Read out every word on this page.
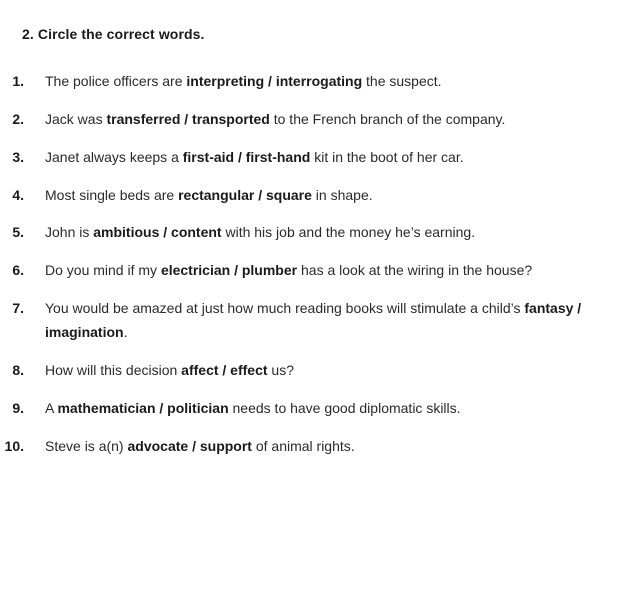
2. Circle the correct words.
1. The police officers are interpreting / interrogating the suspect.
2. Jack was transferred / transported to the French branch of the company.
3. Janet always keeps a first-aid / first-hand kit in the boot of her car.
4. Most single beds are rectangular / square in shape.
5. John is ambitious / content with his job and the money he’s earning.
6. Do you mind if my electrician / plumber has a look at the wiring in the house?
7. You would be amazed at just how much reading books will stimulate a child’s fantasy / imagination.
8. How will this decision affect / effect us?
9. A mathematician / politician needs to have good diplomatic skills.
10. Steve is a(n) advocate / support of animal rights.
